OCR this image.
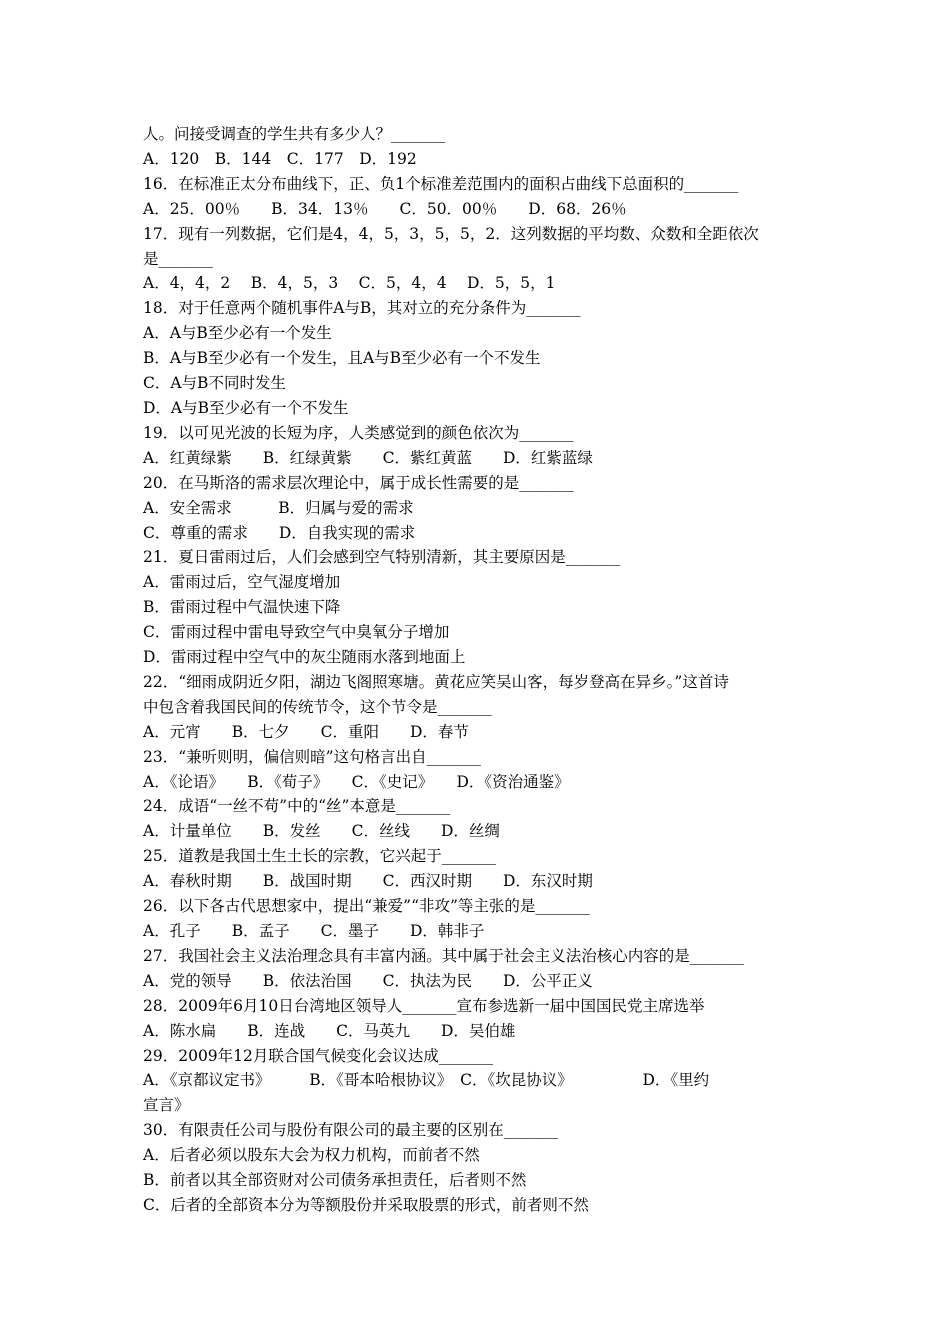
人。问接受调查的学生共有多少人？_______

A．120　B．144　C．177　D．192

16．在标准正太分布曲线下，正、负1个标准差范围内的面积占曲线下总面积的_______

A．25．00％　　B．34．13％　　C．50．00％　　D．68．26％

17．现有一列数据，它们是4，4，5，3，5，5，2．这列数据的平均数、众数和全距依次

是_______

A．4，4，2　 B．4，5，3　 C．5，4，4　 D．5，5，1

18．对于任意两个随机事件A与B，其对立的充分条件为_______

A．A与B至少必有一个发生

B．A与B至少必有一个发生，且A与B至少必有一个不发生

C．A与B不同时发生

D．A与B至少必有一个不发生

19．以可见光波的长短为序，人类感觉到的颜色依次为_______

A．红黄绿紫　　B．红绿黄紫　　C．紫红黄蓝　　D．红紫蓝绿

20．在马斯洛的需求层次理论中，属于成长性需要的是_______

A．安全需求　　　B．归属与爱的需求

C．尊重的需求　　D．自我实现的需求

21．夏日雷雨过后，人们会感到空气特别清新，其主要原因是_______

A．雷雨过后，空气湿度增加

B．雷雨过程中气温快速下降

C．雷雨过程中雷电导致空气中臭氧分子增加

D．雷雨过程中空气中的灰尘随雨水落到地面上

22．“细雨成阴近夕阳，湖边飞阁照寒塘。黄花应笑吴山客，每岁登高在异乡。”这首诗

中包含着我国民间的传统节令，这个节令是_______

A．元宵　　B．七夕　　C．重阳　　D．春节

23．“兼听则明，偏信则暗”这句格言出自_______

A．《论语》　　B．《荀子》　　C．《史记》　　D．《资治通鉴》

24．成语“一丝不苟”中的“丝”本意是_______

A．计量单位　　B．发丝　　C．丝线　　D．丝绸

25．道教是我国土生土长的宗教，它兴起于_______

A．春秋时期　　B．战国时期　　C．西汉时期　　D．东汉时期

26．以下各古代思想家中，提出“兼爱”“非攻”等主张的是_______

A．孔子　　B．孟子　　C．墨子　　D．韩非子

27．我国社会主义法治理念具有丰富内涵。其中属于社会主义法治核心内容的是_______

A．党的领导　　B．依法治国　　C．执法为民　　D．公平正义

28．2009年6月10日台湾地区领导人_______宣布参选新一届中国国民党主席选举

A．陈水扁　　B．连战　　C．马英九　　D．吴伯雄

29．2009年12月联合国气候变化会议达成_______

A．《京都议定书》　　　B．《哥本哈根协议》　C．《坎昆协议》　　　　　D．《里约

宣言》

30．有限责任公司与股份有限公司的最主要的区别在_______

A．后者必须以股东大会为权力机构，而前者不然

B．前者以其全部资财对公司债务承担责任，后者则不然

C．后者的全部资本分为等额股份并采取股票的形式，前者则不然
